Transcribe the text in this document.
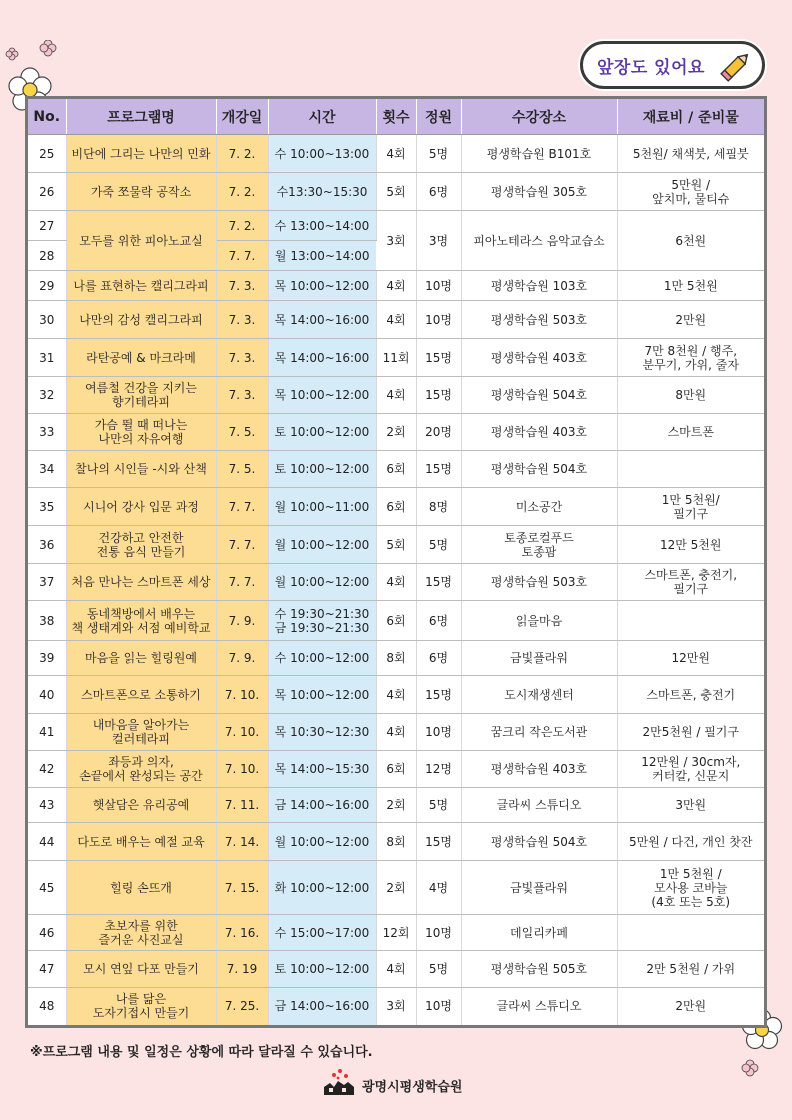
앞장도 있어요
No.	프로그램명	개강일	시간	횟수	정원	수강장소	재료비 / 준비물
25	비단에 그리는 나만의 민화	7. 2.	수 10:00~13:00	4회	5명	평생학습원 B101호	5천원/ 채색붓, 세필붓
26	가죽 쪼물락 공작소	7. 2.	수13:30~15:30	5회	6명	평생학습원 305호	5만원 /
앞치마, 물티슈
27	모두를 위한 피아노교실	7. 2.	수 13:00~14:00	3회	3명	피아노테라스 음악교습소	6천원
28		7. 7.	월 13:00~14:00				
29	나를 표현하는 캘리그라피	7. 3.	목 10:00~12:00	4회	10명	평생학습원 103호	1만 5천원
30	나만의 감성 캘리그라피	7. 3.	목 14:00~16:00	4회	10명	평생학습원 503호	2만원
31	라탄공예 & 마크라메	7. 3.	목 14:00~16:00	11회	15명	평생학습원 403호	7만 8천원 / 행주,
분무기, 가위, 줄자
32	여름철 건강을 지키는
향기테라피	7. 3.	목 10:00~12:00	4회	15명	평생학습원 504호	8만원
33	가슴 뛸 때 떠나는
나만의 자유여행	7. 5.	토 10:00~12:00	2회	20명	평생학습원 403호	스마트폰
34	찰나의 시인들 -시와 산책	7. 5.	토 10:00~12:00	6회	15명	평생학습원 504호	
35	시니어 강사 입문 과정	7. 7.	월 10:00~11:00	6회	8명	미소공간	1만 5천원/
필기구
36	건강하고 안전한
전통 음식 만들기	7. 7.	월 10:00~12:00	5회	5명	토종로컬푸드
토종팜	12만 5천원
37	처음 만나는 스마트폰 세상	7. 7.	월 10:00~12:00	4회	15명	평생학습원 503호	스마트폰, 충전기,
필기구
38	동네책방에서 배우는
책 생태계와 서점 예비학교	7. 9.	수 19:30~21:30
금 19:30~21:30	6회	6명	읽을마음	
39	마음을 읽는 힐링원예	7. 9.	수 10:00~12:00	8회	6명	금빛플라워	12만원
40	스마트폰으로 소통하기	7. 10.	목 10:00~12:00	4회	15명	도시재생센터	스마트폰, 충전기
41	내마음을 알아가는
컬러테라피	7. 10.	목 10:30~12:30	4회	10명	꿈크리 작은도서관	2만5천원 / 필기구
42	좌등과 의자,
손끝에서 완성되는 공간	7. 10.	목 14:00~15:30	6회	12명	평생학습원 403호	12만원 / 30cm자,
커터칼, 신문지
43	햇살담은 유리공예	7. 11.	금 14:00~16:00	2회	5명	글라씨 스튜디오	3만원
44	다도로 배우는 예절 교육	7. 14.	월 10:00~12:00	8회	15명	평생학습원 504호	5만원 / 다건, 개인 찻잔
45	힐링 손뜨개	7. 15.	화 10:00~12:00	2회	4명	금빛플라워	1만 5천원 /
모사용 코바늘
(4호 또는 5호)
46	초보자를 위한
즐거운 사진교실	7. 16.	수 15:00~17:00	12회	10명	데일리카페	
47	모시 연잎 다포 만들기	7. 19	토 10:00~12:00	4회	5명	평생학습원 505호	2만 5천원 / 가위
48	나를 닮은
도자기접시 만들기	7. 25.	금 14:00~16:00	3회	10명	글라씨 스튜디오	2만원
※프로그램 내용 및 일정은 상황에 따라 달라질 수 있습니다.
광명시평생학습원
